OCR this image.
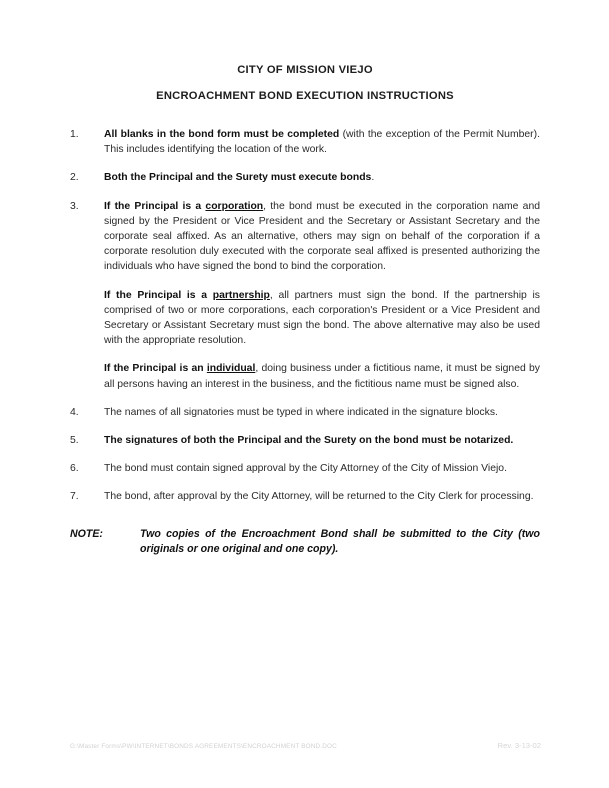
CITY OF MISSION VIEJO
ENCROACHMENT BOND EXECUTION INSTRUCTIONS
1.	All blanks in the bond form must be completed (with the exception of the Permit Number). This includes identifying the location of the work.

2.	Both the Principal and the Surety must execute bonds.

3.	If the Principal is a corporation, the bond must be executed in the corporation name and signed by the President or Vice President and the Secretary or Assistant Secretary and the corporate seal affixed. As an alternative, others may sign on behalf of the corporation if a corporate resolution duly executed with the corporate seal affixed is presented authorizing the individuals who have signed the bond to bind the corporation.

If the Principal is a partnership, all partners must sign the bond. If the partnership is comprised of two or more corporations, each corporation's President or a Vice President and Secretary or Assistant Secretary must sign the bond. The above alternative may also be used with the appropriate resolution.

If the Principal is an individual, doing business under a fictitious name, it must be signed by all persons having an interest in the business, and the fictitious name must be signed also.

4.	The names of all signatories must be typed in where indicated in the signature blocks.

5.	The signatures of both the Principal and the Surety on the bond must be notarized.

6.	The bond must contain signed approval by the City Attorney of the City of Mission Viejo.

7.	The bond, after approval by the City Attorney, will be returned to the City Clerk for processing.

NOTE:	Two copies of the Encroachment Bond shall be submitted to the City (two originals or one original and one copy).
G:\Master Forms\PW\INTERNET\BONDS AGREEMENTS\ENCROACHMENT BOND.DOC	Rev. 3-13-02
